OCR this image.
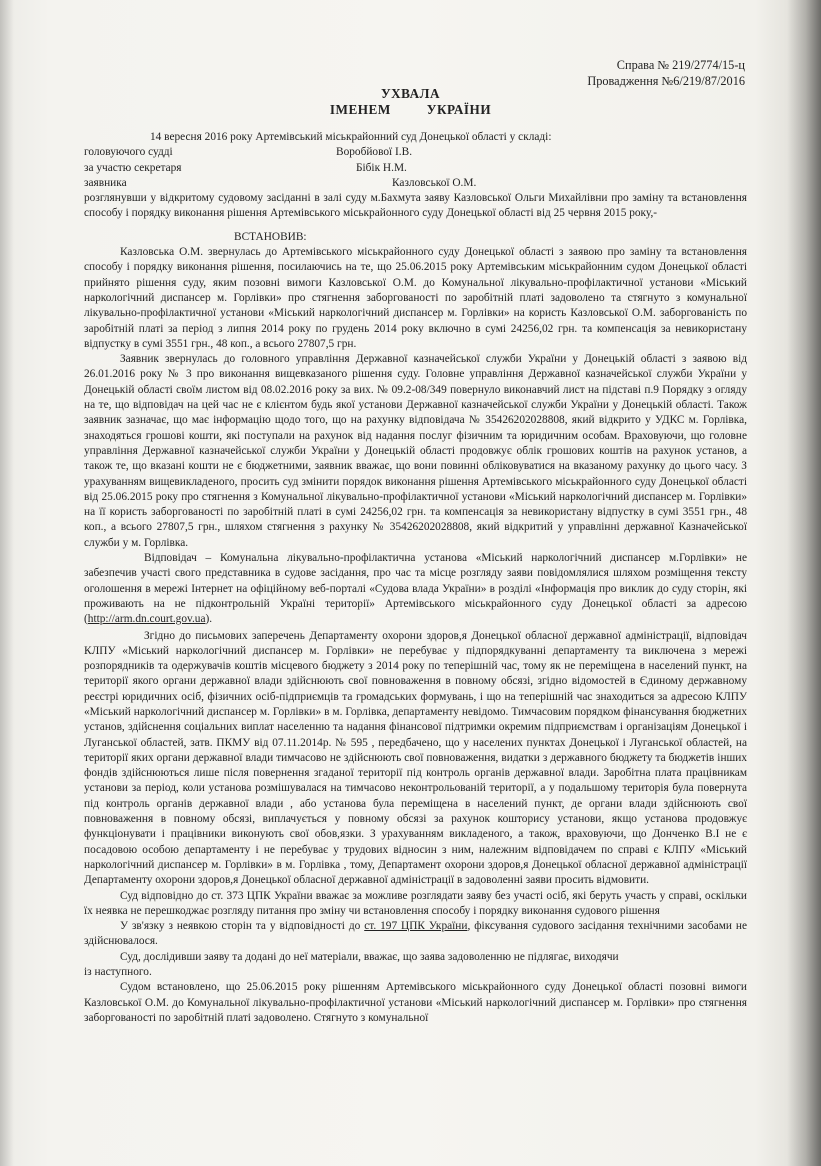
Справа № 219/2774/15-ц
Провадження №6/219/87/2016
УХВАЛА
ІМЕНЕМ	УКРАЇНИ

14 вересня 2016 року Артемівський міськрайонний суд Донецької області у складі:

головуючого судді	Воробйової І.В.
за участю секретаря	Бібік Н.М.
заявника	Казловської О.М.

розглянувши у відкритому судовому засіданні в залі суду м.Бахмута заяву Казловської Ольги Михайлівни про заміну та встановлення способу і порядку виконання рішення Артемівського міськрайонного суду Донецької області від 25 червня 2015 року,-

ВСТАНОВИВ:

Казловська О.М. звернулась до Артемівського міськрайонного суду Донецької області з заявою про заміну та встановлення способу і порядку виконання рішення, посилаючись на те, що 25.06.2015 року Артемівським міськрайонним судом Донецької області прийнято рішення суду, яким позовні вимоги Казловської О.М. до Комунальної лікувально-профілактичної установи «Міський наркологічний диспансер м. Горлівки» про стягнення заборгованості по заробітній платі задоволено та стягнуто з комунальної лікувально-профілактичної установи «Міський наркологічний диспансер м. Горлівки» на користь Казловської О.М. заборгованість по заробітній платі за період з липня 2014 року по грудень 2014 року включно в сумі 24256,02 грн. та компенсація за невикористану відпустку в сумі 3551 грн., 48 коп., а всього 27807,5 грн.

Заявник звернулась до головного управління Державної казначейської служби України у Донецькій області з заявою від 26.01.2016 року № 3 про виконання вищевказаного рішення суду. Головне управління Державної казначейської служби України у Донецькій області своїм листом від 08.02.2016 року за вих. № 09.2-08/349 повернуло виконавчий лист на підставі п.9 Порядку з огляду на те, що відповідач на цей час не є клієнтом будь якої установи Державної казначейської служби України у Донецькій області. Також заявник зазначає, що має інформацію щодо того, що на рахунку відповідача № 35426202028808, який відкрито у УДКС м. Горлівка, знаходяться грошові кошти, які поступали на рахунок від надання послуг фізичним та юридичним особам. Враховуючи, що головне управління Державної казначейської служби України у Донецькій області продовжує облік грошових коштів на рахунок установ, а також те, що вказані кошти не є бюджетними, заявник вважає, що вони повинні обліковуватися на вказаному рахунку до цього часу. З урахуванням вищевикладеного, просить суд змінити порядок виконання рішення Артемівського міськрайонного суду Донецької області від 25.06.2015 року про стягнення з Комунальної лікувально-профілактичної установи «Міський наркологічний диспансер м. Горлівки» на її користь заборгованості по заробітній платі в сумі 24256,02 грн. та компенсація за невикористану відпустку в сумі 3551 грн., 48 коп., а всього 27807,5 грн., шляхом стягнення з рахунку № 35426202028808, який відкритий у управлінні державної Казначейської служби у м. Горлівка.

Відповідач – Комунальна лікувально-профілактична установа «Міський наркологічний диспансер м.Горлівки» не забезпечив участі свого представника в судове засідання, про час та місце розгляду заяви повідомлялися шляхом розміщення тексту оголошення в мережі Інтернет на офіційному веб-порталі «Судова влада України» в розділі «Інформація про виклик до суду сторін, які проживають на не підконтрольній Україні території» Артемівського міськрайонного суду Донецької області за адресою (http://arm.dn.court.gov.ua).

Згідно до письмових заперечень Департаменту охорони здоров,я Донецької обласної державної адміністрації, відповідач КЛПУ «Міський наркологічний диспансер м. Горлівки» не перебуває у підпорядкуванні департаменту та виключена з мережі розпорядників та одержувачів коштів місцевого бюджету з 2014 року по теперішній час, тому як не переміщена в населений пункт, на території якого органи державної влади здійснюють свої повноваження в повному обсязі, згідно відомостей в Єдиному державному реєстрі юридичних осіб, фізичних осіб-підприємців та громадських формувань, і що на теперішній час знаходиться за адресою КЛПУ «Міський наркологічний диспансер м. Горлівки» в м. Горлівка, департаменту невідомо. Тимчасовим порядком фінансування бюджетних установ, здійснення соціальних виплат населенню та надання фінансової підтримки окремим підприємствам і організаціям Донецької і Луганської областей, затв. ПКМУ від 07.11.2014р. № 595 , передбачено, що у населених пунктах Донецької і Луганської областей, на території яких органи державної влади тимчасово не здійснюють свої повноваження, видатки з державного бюджету та бюджетів інших фондів здійснюються лише після повернення згаданої території під контроль органів державної влади. Заробітна плата працівникам установи за період, коли установа розмішувалася на тимчасово неконтрольованій території, а у подальшому територія була повернута під контроль органів державної влади , або установа була переміщена в населений пункт, де органи влади здійснюють свої повноваження в повному обсязі, виплачується у повному обсязі за рахунок кошторису установи, якщо установа продовжує функціонувати і працівники виконують свої обов,язки. З урахуванням викладеного, а також, враховуючи, що Донченко В.І не є посадовою особою департаменту і не перебуває у трудових відносин з ним, належним відповідачем по справі є КЛПУ «Міський наркологічний диспансер м. Горлівки» в м. Горлівка , тому, Департамент охорони здоров,я Донецької обласної державної адміністрації Департаменту охорони здоров,я Донецької обласної державної адміністрації в задоволенні заяви просить відмовити.

Суд відповідно до ст. 373 ЦПК України вважає за можливе розглядати заяву без участі осіб, які беруть участь у справі, оскільки їх неявка не перешкоджає розгляду питання про зміну чи встановлення способу і порядку виконання судового рішення

У зв'язку з неявкою сторін та у відповідності до ст. 197 ЦПК України, фіксування судового засідання технічними засобами не здійснювалося.

Суд, дослідивши заяву та додані до неї матеріали, вважає, що заява задоволенню не підлягає, виходячи

із наступного.

Судом встановлено, що 25.06.2015 року рішенням Артемівського міськрайонного суду Донецької області позовні вимоги Казловської О.М. до Комунальної лікувально-профілактичної установи «Міський наркологічний диспансер м. Горлівки» про стягнення заборгованості по заробітній платі задоволено. Стягнуто з комунальної
